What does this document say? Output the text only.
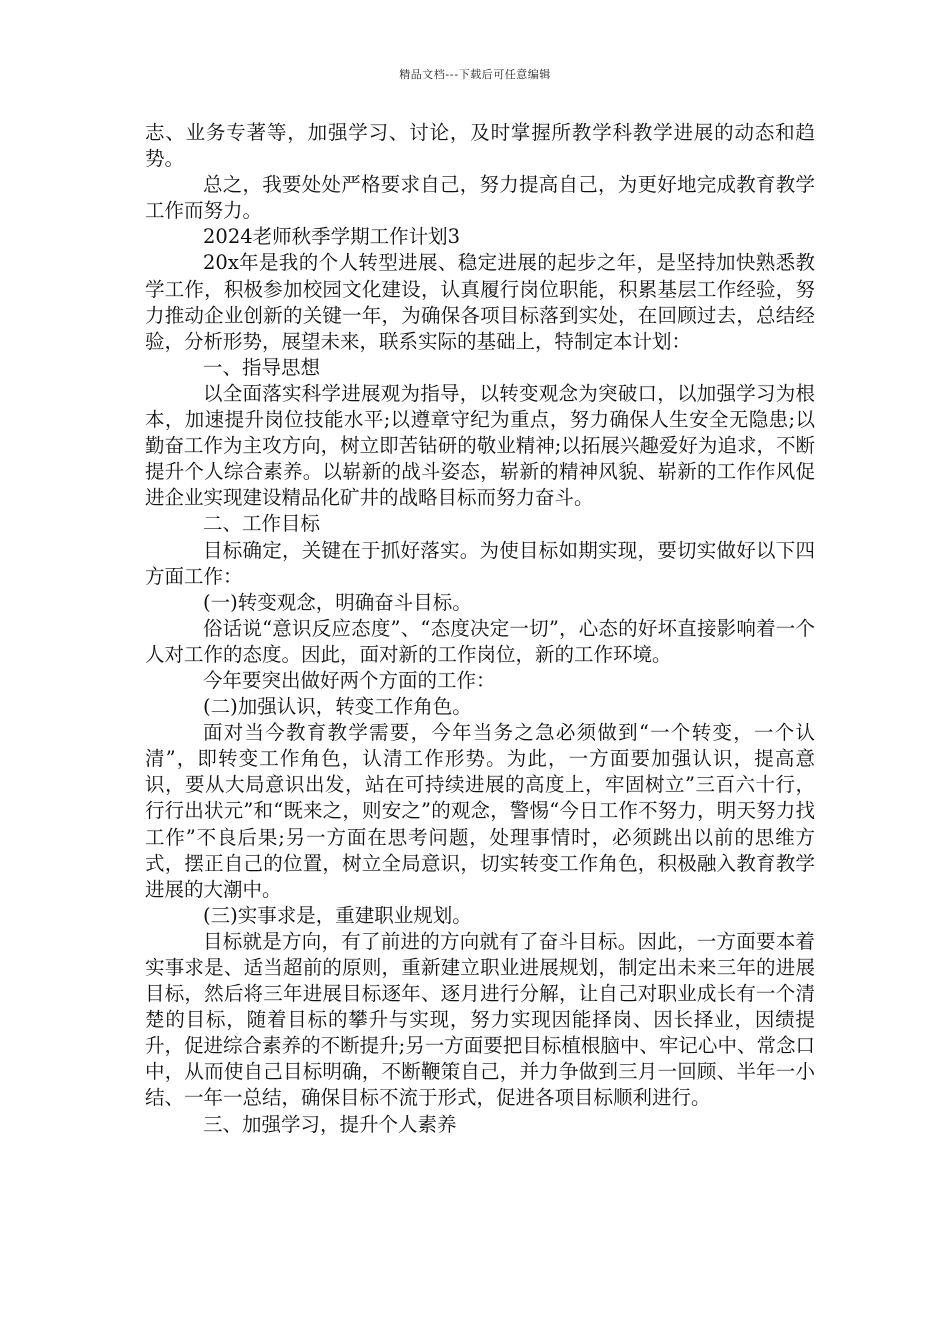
精品文档---下载后可任意编辑

志、业务专著等，加强学习、讨论，及时掌握所教学科教学进展的动态和趋势。

总之，我要处处严格要求自己，努力提高自己，为更好地完成教育教学工作而努力。

2024老师秋季学期工作计划3

20x年是我的个人转型进展、稳定进展的起步之年，是坚持加快熟悉教学工作，积极参加校园文化建设，认真履行岗位职能，积累基层工作经验，努力推动企业创新的关键一年，为确保各项目标落到实处，在回顾过去，总结经验，分析形势，展望未来，联系实际的基础上，特制定本计划：

一、指导思想

以全面落实科学进展观为指导，以转变观念为突破口，以加强学习为根本，加速提升岗位技能水平;以遵章守纪为重点，努力确保人生安全无隐患;以勤奋工作为主攻方向，树立即苦钻研的敬业精神;以拓展兴趣爱好为追求，不断提升个人综合素养。以崭新的战斗姿态，崭新的精神风貌、崭新的工作作风促进企业实现建设精品化矿井的战略目标而努力奋斗。

二、工作目标

目标确定，关键在于抓好落实。为使目标如期实现，要切实做好以下四方面工作：

(一)转变观念，明确奋斗目标。

俗话说“意识反应态度”、“态度决定一切”，心态的好坏直接影响着一个人对工作的态度。因此，面对新的工作岗位，新的工作环境。

今年要突出做好两个方面的工作：

(二)加强认识，转变工作角色。

面对当今教育教学需要，今年当务之急必须做到“一个转变，一个认清”，即转变工作角色，认清工作形势。为此，一方面要加强认识，提高意识，要从大局意识出发，站在可持续进展的高度上，牢固树立”三百六十行，行行出状元”和“既来之，则安之”的观念，警惕“今日工作不努力，明天努力找工作”不良后果;另一方面在思考问题，处理事情时，必须跳出以前的思维方式，摆正自己的位置，树立全局意识，切实转变工作角色，积极融入教育教学进展的大潮中。

(三)实事求是，重建职业规划。

目标就是方向，有了前进的方向就有了奋斗目标。因此，一方面要本着实事求是、适当超前的原则，重新建立职业进展规划，制定出未来三年的进展目标，然后将三年进展目标逐年、逐月进行分解，让自己对职业成长有一个清楚的目标，随着目标的攀升与实现，努力实现因能择岗、因长择业，因绩提升，促进综合素养的不断提升;另一方面要把目标植根脑中、牢记心中、常念口中，从而使自己目标明确，不断鞭策自己，并力争做到三月一回顾、半年一小结、一年一总结，确保目标不流于形式，促进各项目标顺利进行。

三、加强学习，提升个人素养
